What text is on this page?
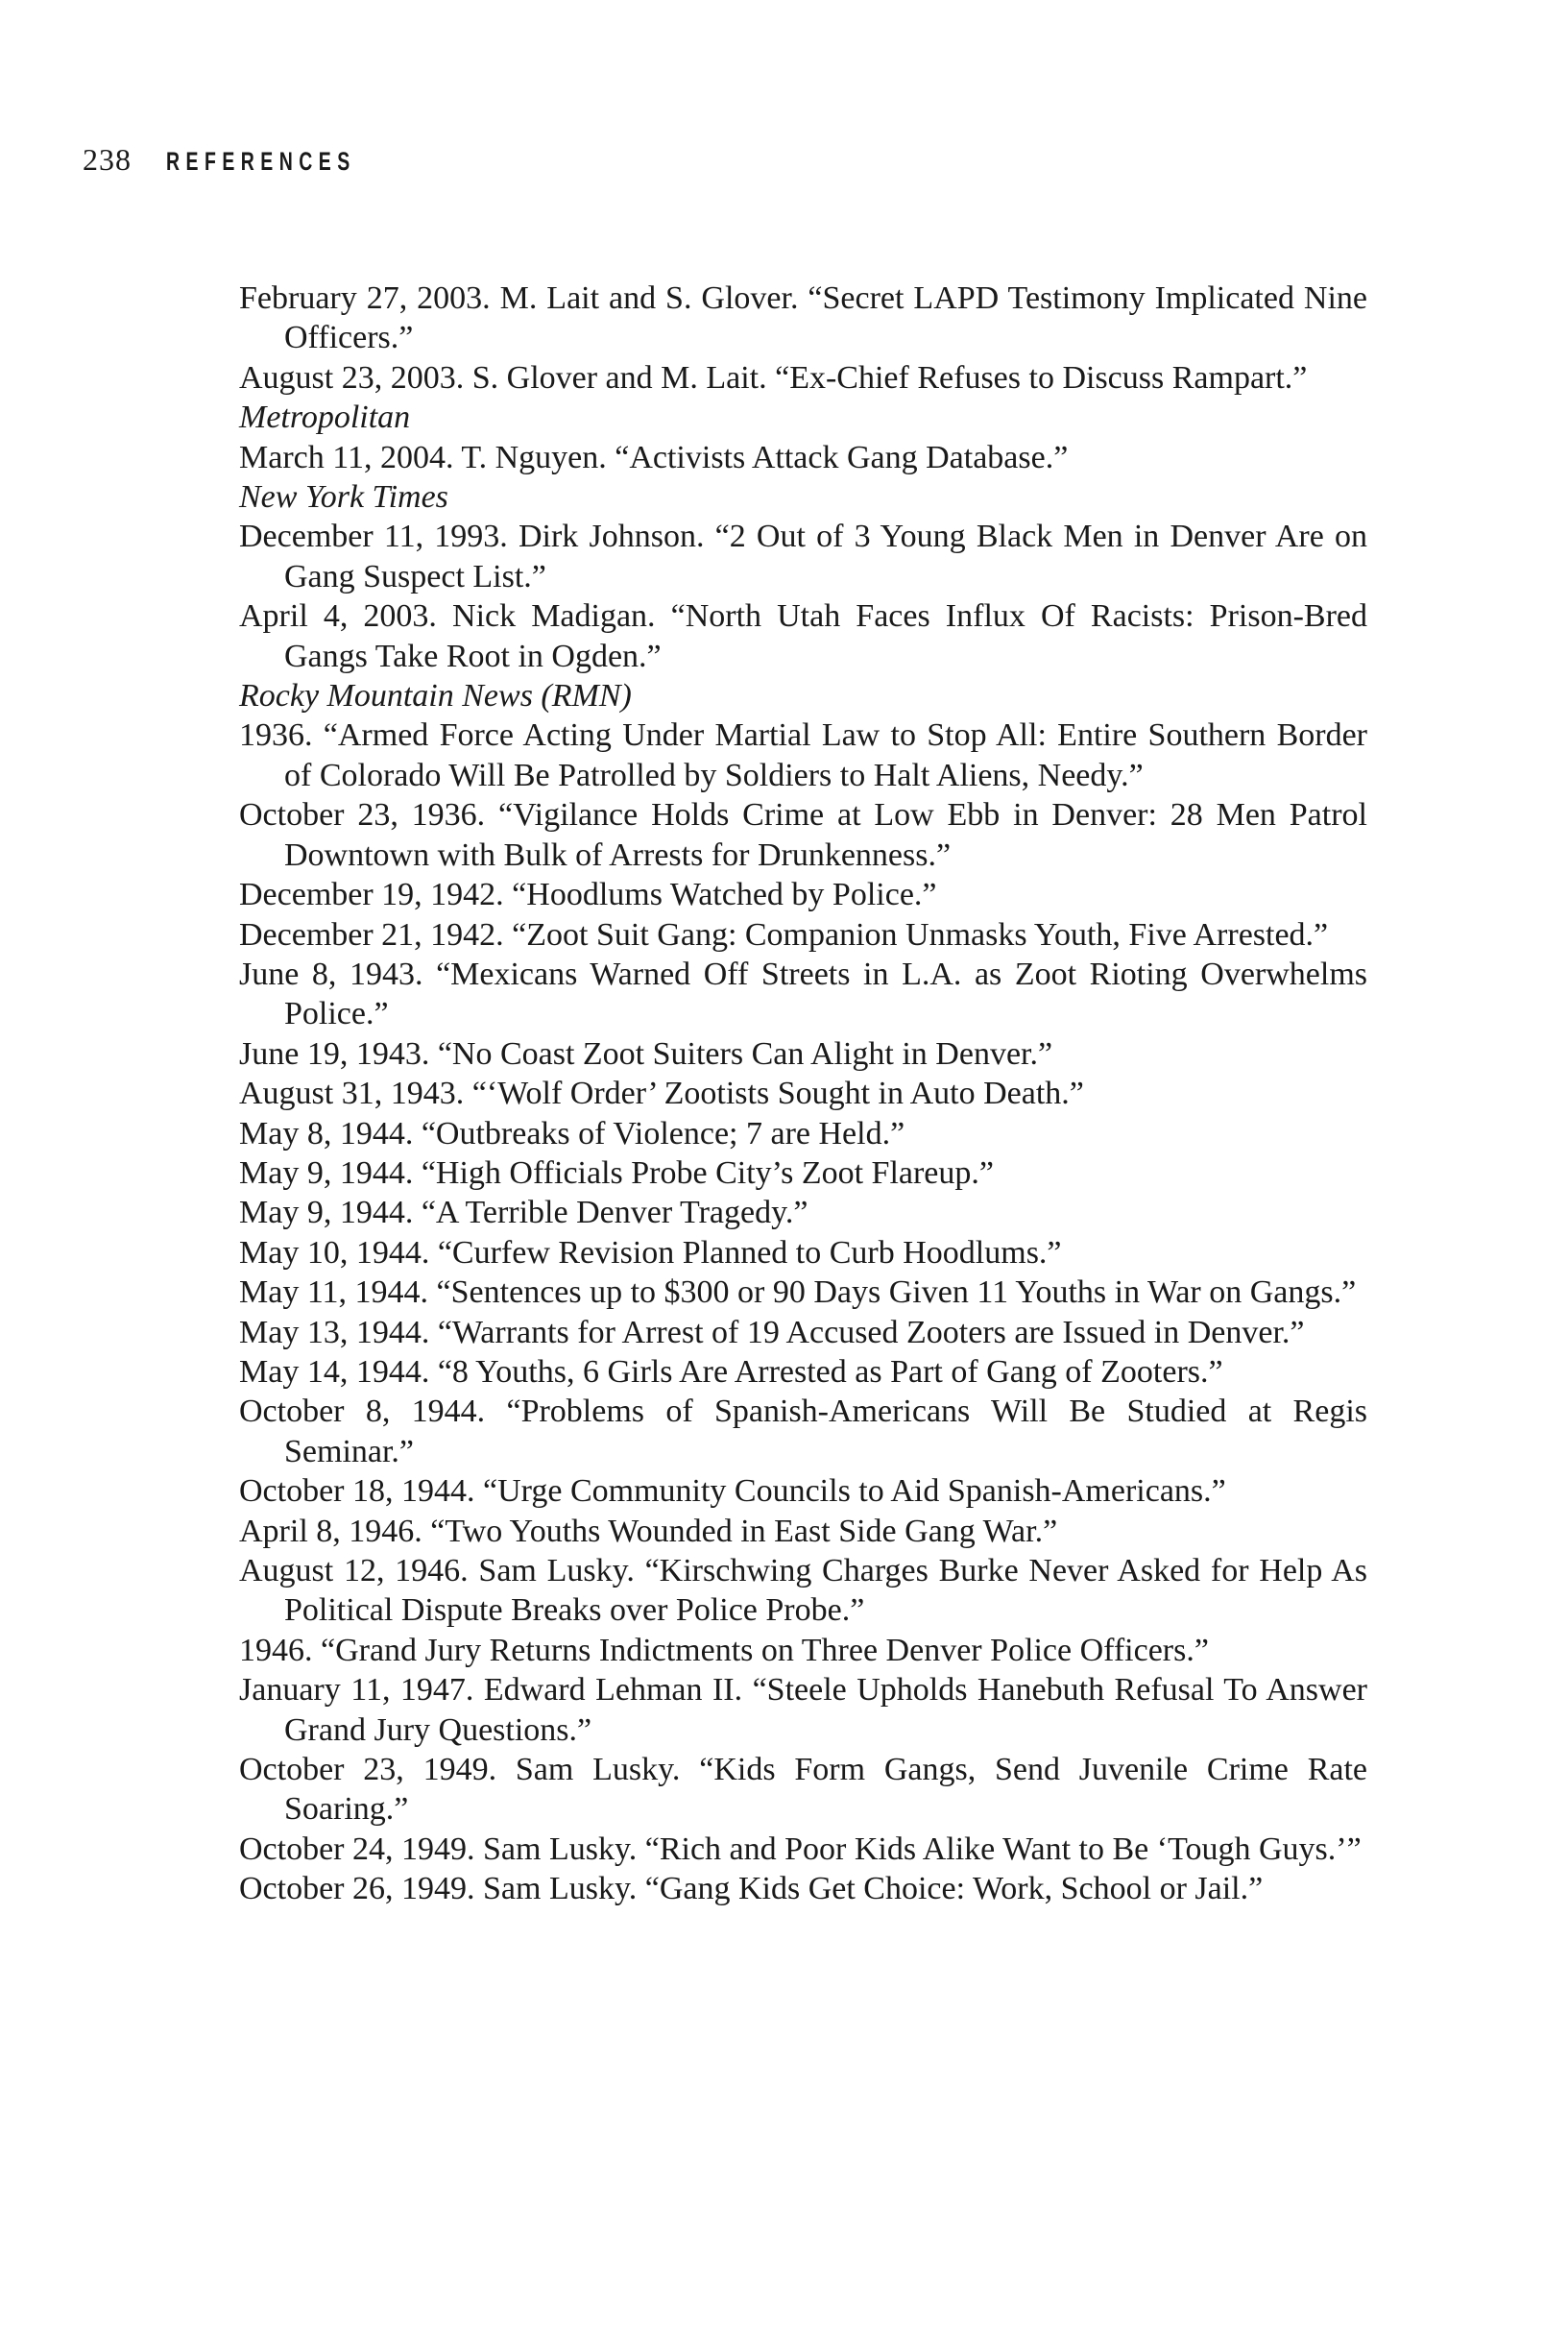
238 REFERENCES
February 27, 2003. M. Lait and S. Glover. “Secret LAPD Testimony Implicated Nine Officers.”
August 23, 2003. S. Glover and M. Lait. “Ex-Chief Refuses to Discuss Rampart.”
Metropolitan
March 11, 2004. T. Nguyen. “Activists Attack Gang Database.”
New York Times
December 11, 1993. Dirk Johnson. “2 Out of 3 Young Black Men in Denver Are on Gang Suspect List.”
April 4, 2003. Nick Madigan. “North Utah Faces Influx Of Racists: Prison-Bred Gangs Take Root in Ogden.”
Rocky Mountain News (RMN)
1936. “Armed Force Acting Under Martial Law to Stop All: Entire Southern Border of Colorado Will Be Patrolled by Soldiers to Halt Aliens, Needy.”
October 23, 1936. “Vigilance Holds Crime at Low Ebb in Denver: 28 Men Patrol Downtown with Bulk of Arrests for Drunkenness.”
December 19, 1942. “Hoodlums Watched by Police.”
December 21, 1942. “Zoot Suit Gang: Companion Unmasks Youth, Five Arrested.”
June 8, 1943. “Mexicans Warned Off Streets in L.A. as Zoot Rioting Overwhelms Police.”
June 19, 1943. “No Coast Zoot Suiters Can Alight in Denver.”
August 31, 1943. “‘Wolf Order’ Zootists Sought in Auto Death.”
May 8, 1944. “Outbreaks of Violence; 7 are Held.”
May 9, 1944. “High Officials Probe City’s Zoot Flareup.”
May 9, 1944. “A Terrible Denver Tragedy.”
May 10, 1944. “Curfew Revision Planned to Curb Hoodlums.”
May 11, 1944. “Sentences up to $300 or 90 Days Given 11 Youths in War on Gangs.”
May 13, 1944. “Warrants for Arrest of 19 Accused Zooters are Issued in Denver.”
May 14, 1944. “8 Youths, 6 Girls Are Arrested as Part of Gang of Zooters.”
October 8, 1944. “Problems of Spanish-Americans Will Be Studied at Regis Seminar.”
October 18, 1944. “Urge Community Councils to Aid Spanish-Americans.”
April 8, 1946. “Two Youths Wounded in East Side Gang War.”
August 12, 1946. Sam Lusky. “Kirschwing Charges Burke Never Asked for Help As Political Dispute Breaks over Police Probe.”
1946. “Grand Jury Returns Indictments on Three Denver Police Officers.”
January 11, 1947. Edward Lehman II. “Steele Upholds Hanebuth Refusal To Answer Grand Jury Questions.”
October 23, 1949. Sam Lusky. “Kids Form Gangs, Send Juvenile Crime Rate Soaring.”
October 24, 1949. Sam Lusky. “Rich and Poor Kids Alike Want to Be ‘Tough Guys.’”
October 26, 1949. Sam Lusky. “Gang Kids Get Choice: Work, School or Jail.”
